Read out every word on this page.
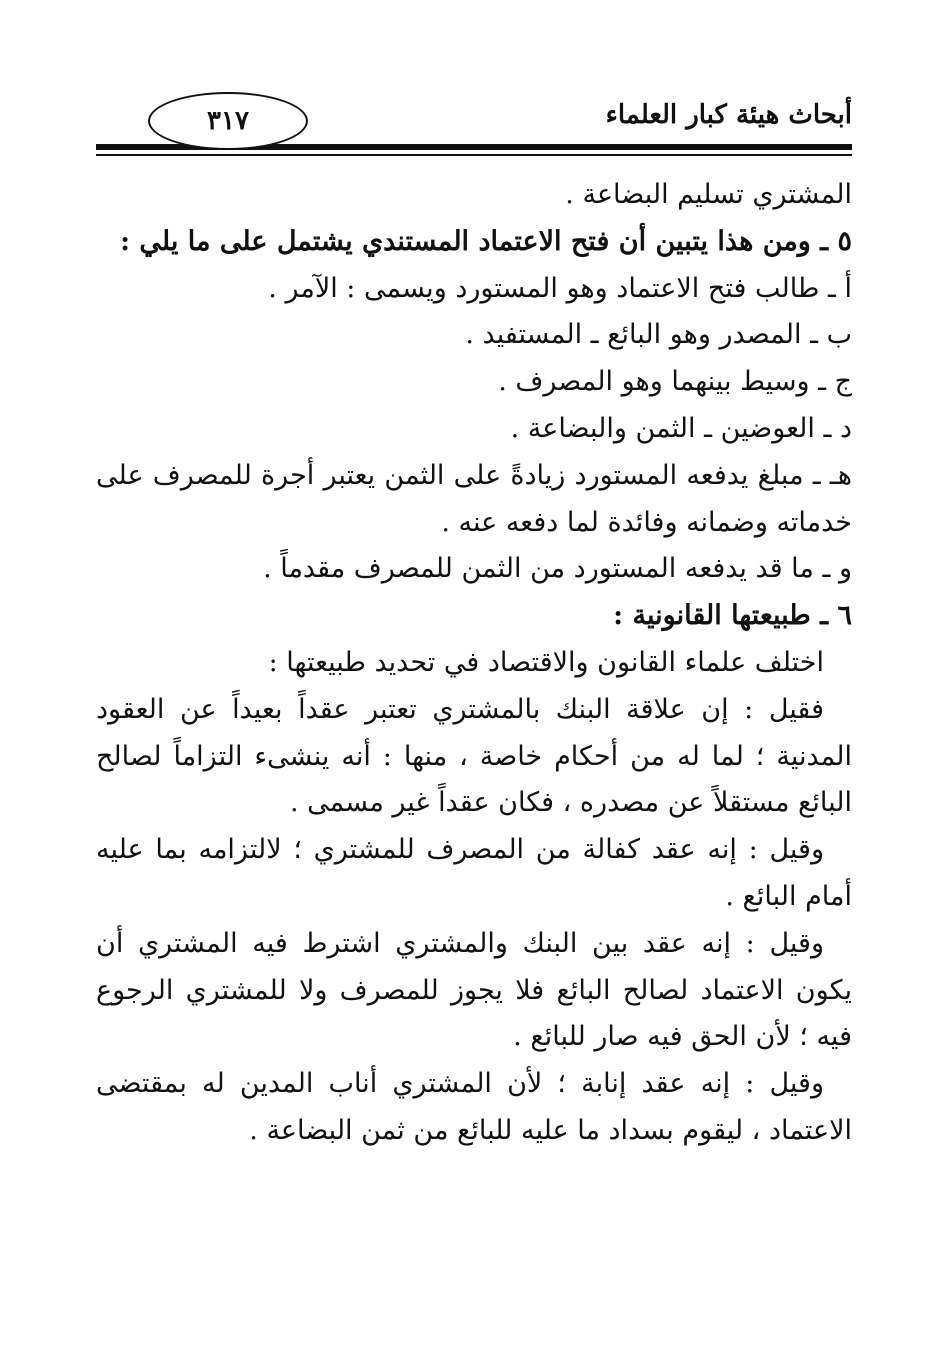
أبحاث هيئة كبار العلماء
٣١٧

المشتري تسليم البضاعة .

٥ ـ ومن هذا يتبين أن فتح الاعتماد المستندي يشتمل على ما يلي :

أ ـ طالب فتح الاعتماد وهو المستورد ويسمى : الآمر .

ب ـ المصدر وهو البائع ـ المستفيد .

ج ـ وسيط بينهما وهو المصرف .

د ـ العوضين ـ الثمن والبضاعة .

هـ ـ مبلغ يدفعه المستورد زيادةً على الثمن يعتبر أجرة للمصرف على خدماته وضمانه وفائدة لما دفعه عنه .

و ـ ما قد يدفعه المستورد من الثمن للمصرف مقدماً .

٦ ـ طبيعتها القانونية :

اختلف علماء القانون والاقتصاد في تحديد طبيعتها :

فقيل : إن علاقة البنك بالمشتري تعتبر عقداً بعيداً عن العقود المدنية ؛ لما له من أحكام خاصة ، منها : أنه ينشىء التزاماً لصالح البائع مستقلاً عن مصدره ، فكان عقداً غير مسمى .

وقيل : إنه عقد كفالة من المصرف للمشتري ؛ لالتزامه بما عليه أمام البائع .

وقيل : إنه عقد بين البنك والمشتري اشترط فيه المشتري أن يكون الاعتماد لصالح البائع فلا يجوز للمصرف ولا للمشتري الرجوع فيه ؛ لأن الحق فيه صار للبائع .

وقيل : إنه عقد إنابة ؛ لأن المشتري أناب المدين له بمقتضى الاعتماد ، ليقوم بسداد ما عليه للبائع من ثمن البضاعة .
